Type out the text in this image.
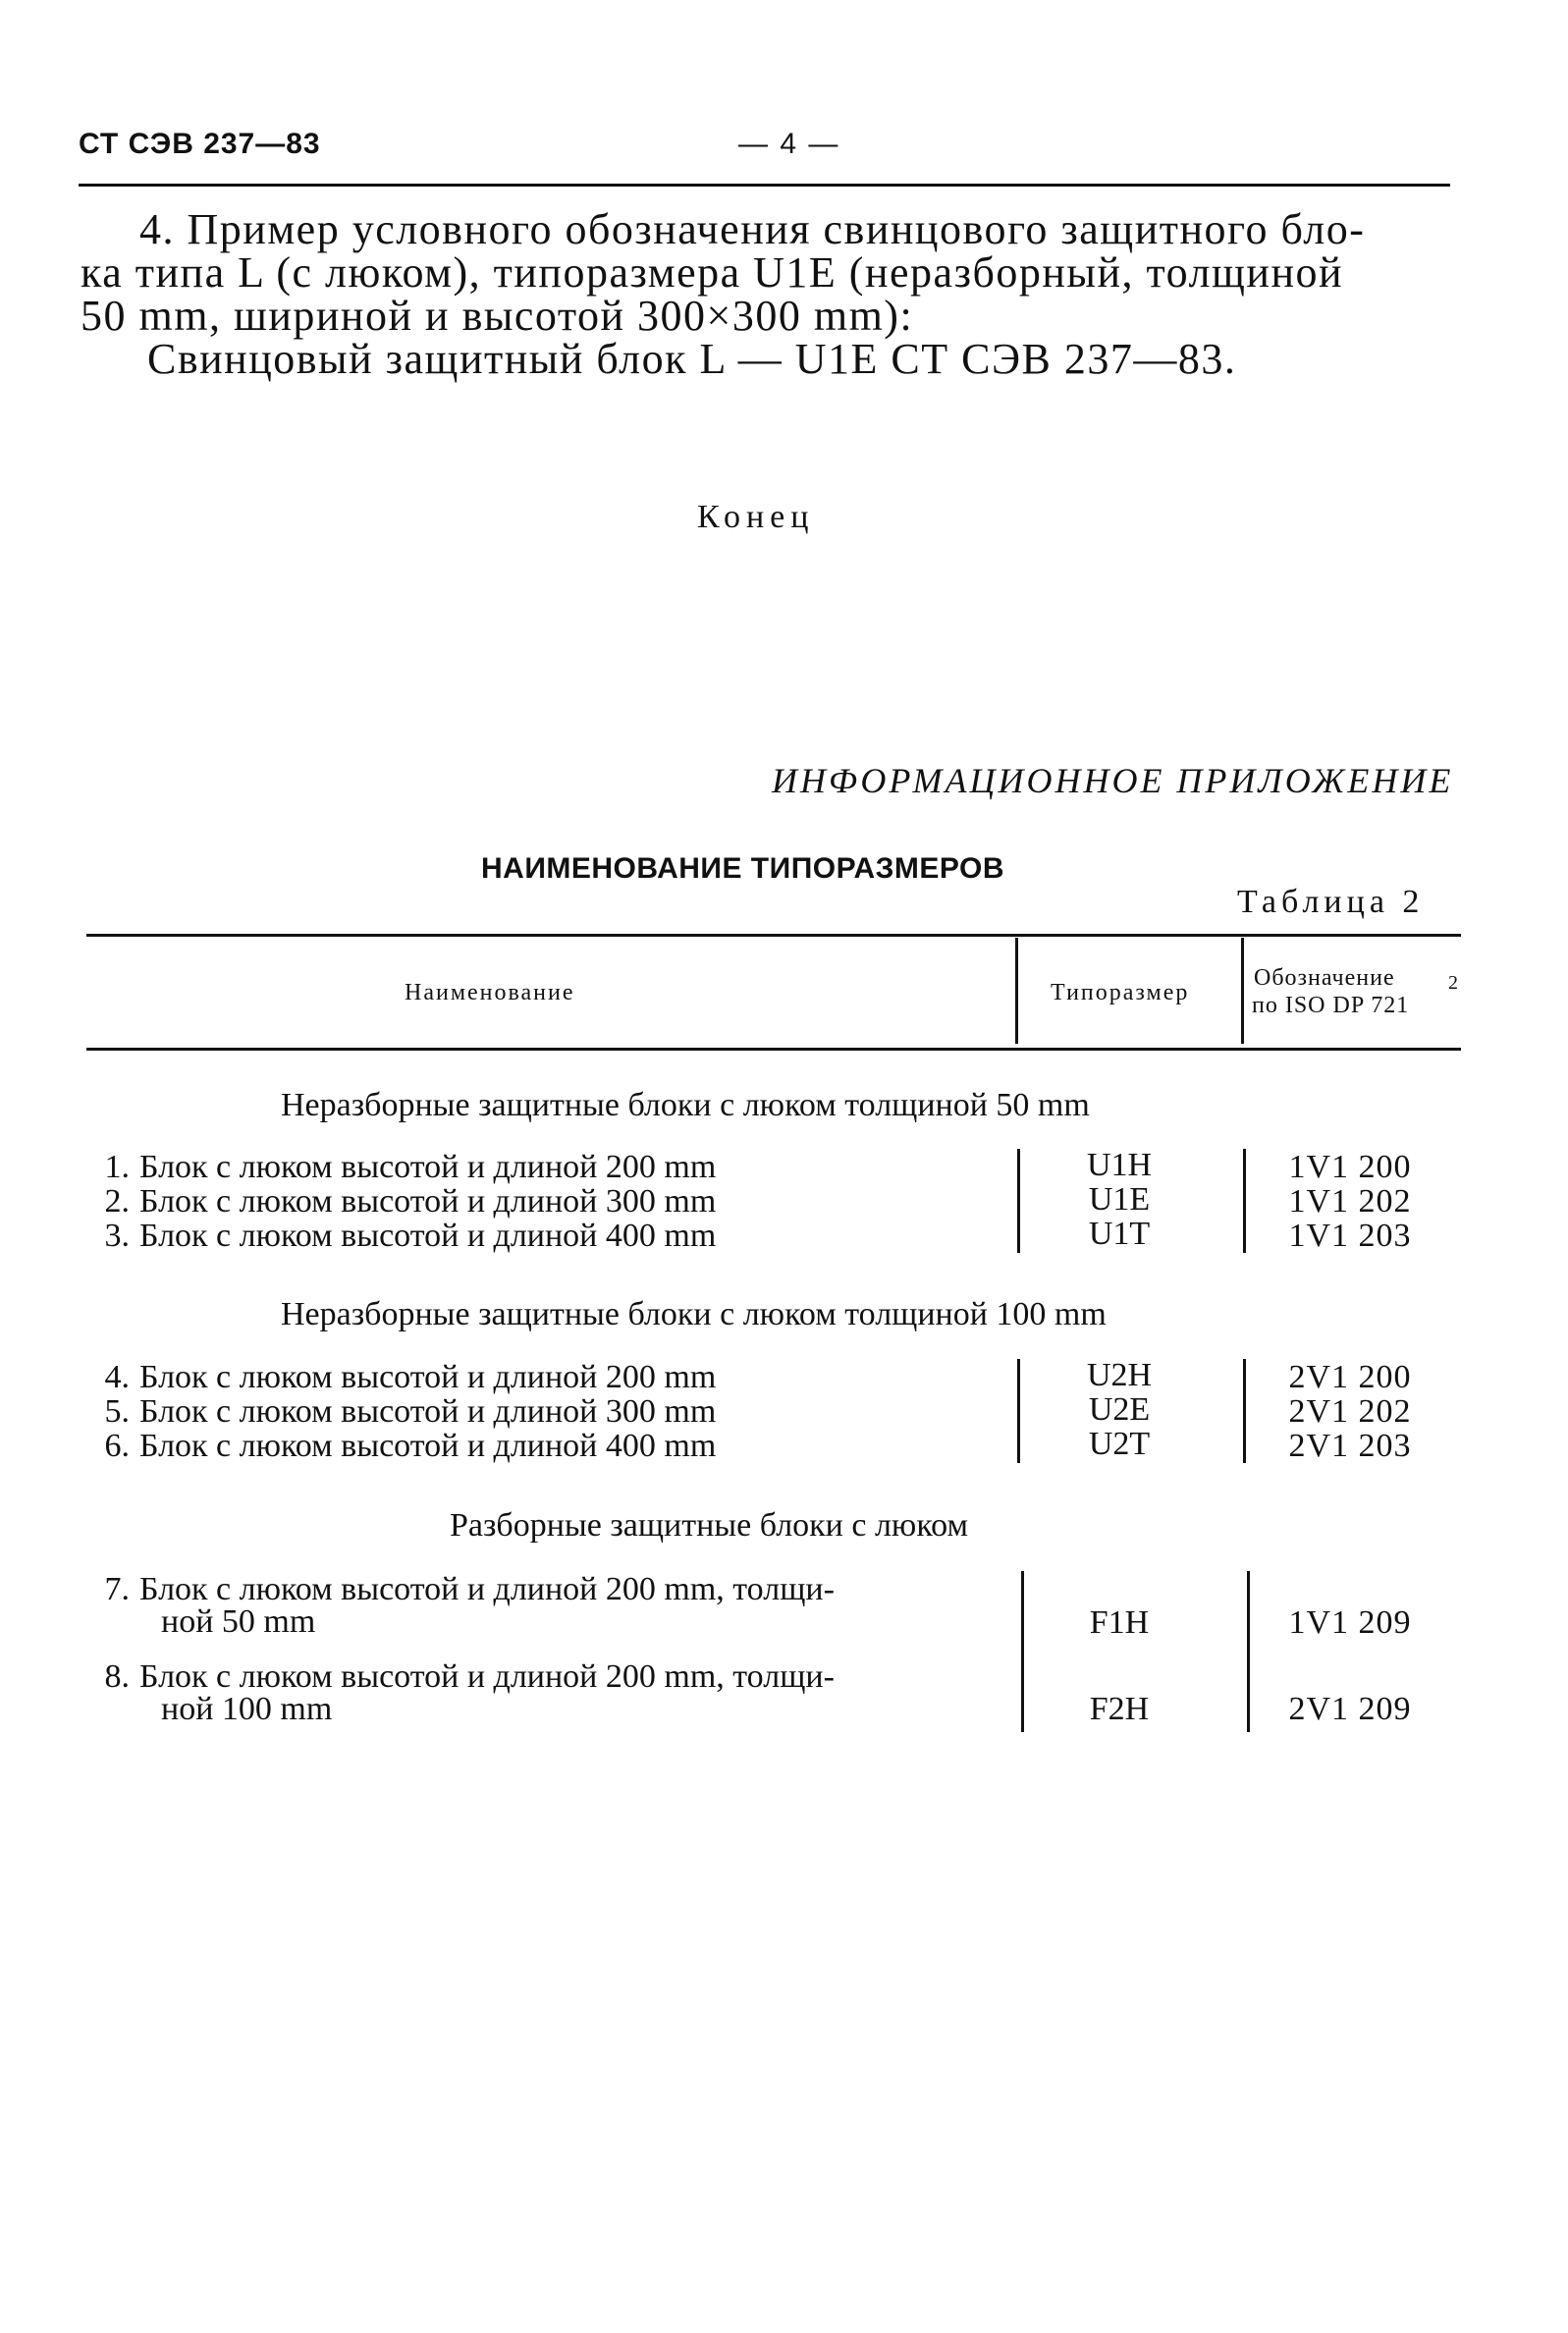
СТ СЭВ 237—83	— 4 —
4. Пример условного обозначения свинцового защитного бло-
ка типа L (с люком), типоразмера U1E (неразборный, толщиной
50 mm, шириной и высотой 300×300 mm):
Свинцовый защитный блок L — U1E СТ СЭВ 237—83.
Конец
ИНФОРМАЦИОННОЕ ПРИЛОЖЕНИЕ
НАИМЕНОВАНИЕ ТИПОРАЗМЕРОВ
Таблица 2
Наименование	Типоразмер
Обозначение
по ISO DP 721
2
Неразборные защитные блоки с люком толщиной 50 mm
1. Блок с люком высотой и длиной 200 mm	U1H	1V1 200
2. Блок с люком высотой и длиной 300 mm	U1E	1V1 202
3. Блок с люком высотой и длиной 400 mm	U1T	1V1 203
Неразборные защитные блоки с люком толщиной 100 mm
4. Блок с люком высотой и длиной 200 mm	U2H	2V1 200
5. Блок с люком высотой и длиной 300 mm	U2E	2V1 202
6. Блок с люком высотой и длиной 400 mm	U2T	2V1 203
Разборные защитные блоки с люком
7. Блок с люком высотой и длиной 200 mm, толщи-
ной 50 mm	F1H	1V1 209
8. Блок с люком высотой и длиной 200 mm, толщи-
ной 100 mm	F2H	2V1 209
